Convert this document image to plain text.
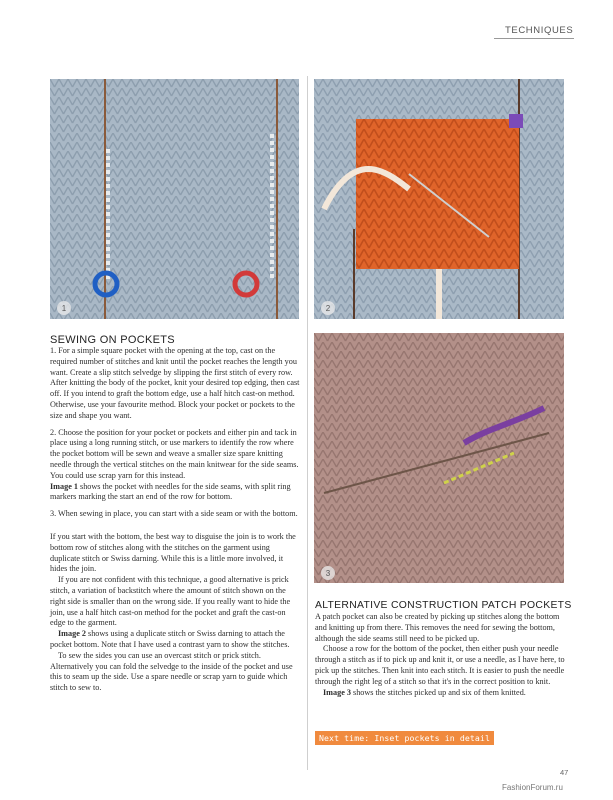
TECHNIQUES
1	2
3
SEWING ON POCKETS

1. For a simple square pocket with the opening at the top, cast on the required number of stitches and knit until the pocket reaches the length you want. Create a slip stitch selvedge by slipping the first stitch of every row. After knitting the body of the pocket, knit your desired top edging, then cast off. If you intend to graft the bottom edge, use a half hitch cast-on method. Otherwise, use your favourite method. Block your pocket or pockets to the size and shape you want.

2. Choose the position for your pocket or pockets and either pin and tack in place using a long running stitch, or use markers to identify the row where the pocket bottom will be sewn and weave a smaller size spare knitting needle through the vertical stitches on the main knitwear for the side seams. You could use scrap yarn for this instead.

Image 1 shows the pocket with needles for the side seams, with split ring markers marking the start an end of the row for bottom.

3. When sewing in place, you can start with a side seam or with the bottom.

If you start with the bottom, the best way to disguise the join is to work the bottom row of stitches along with the stitches on the garment using duplicate stitch or Swiss darning. While this is a little more involved, it hides the join.

If you are not confident with this technique, a good alternative is prick stitch, a variation of backstitch where the amount of stitch shown on the right side is smaller than on the wrong side. If you really want to hide the join, use a half hitch cast-on method for the pocket and graft the cast-on edge to the garment.

Image 2 shows using a duplicate stitch or Swiss darning to attach the pocket bottom. Note that I have used a contrast yarn to show the stitches.

To sew the sides you can use an overcast stitch or prick stitch. Alternatively you can fold the selvedge to the inside of the pocket and use this to seam up the side. Use a spare needle or scrap yarn to guide which stitch to sew to.

ALTERNATIVE CONSTRUCTION PATCH POCKETS

A patch pocket can also be created by picking up stitches along the bottom and knitting up from there. This removes the need for sewing the bottom, although the side seams still need to be picked up.

Choose a row for the bottom of the pocket, then either push your needle through a stitch as if to pick up and knit it, or use a needle, as I have here, to pick up the stitches. Then knit into each stitch. It is easier to push the needle through the right leg of a stitch so that it's in the correct position to knit.

Image 3 shows the stitches picked up and six of them knitted.

Next time: Inset pockets in detail
47
FashionForum.ru
